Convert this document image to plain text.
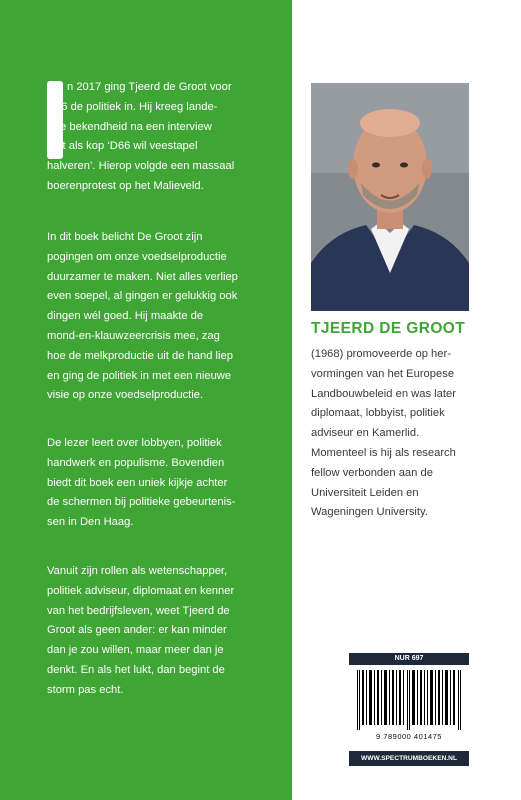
n 2017 ging Tjeerd de Groot voor
D66 de politiek in. Hij kreeg lande-
lijke bekendheid na een interview
met als kop ‘D66 wil veestapel
halveren’. Hierop volgde een massaal
boerenprotest op het Malieveld.

In dit boek belicht De Groot zijn
pogingen om onze voedselproductie
duurzamer te maken. Niet alles verliep
even soepel, al gingen er gelukkig ook
dingen wél goed. Hij maakte de
mond-en-klauwzeercrisis mee, zag
hoe de melkproductie uit de hand liep
en ging de politiek in met een nieuwe
visie op onze voedselproductie.

De lezer leert over lobbyen, politiek
handwerk en populisme. Bovendien
biedt dit boek een uniek kijkje achter
de schermen bij politieke gebeurtenis-
sen in Den Haag.

Vanuit zijn rollen als wetenschapper,
politiek adviseur, diplomaat en kenner
van het bedrijfsleven, weet Tjeerd de
Groot als geen ander: er kan minder
dan je zou willen, maar meer dan je
denkt. En als het lukt, dan begint de
storm pas echt.

TJEERD DE GROOT

(1968) promoveerde op her-
vormingen van het Europese
Landbouwbeleid en was later
diplomaat, lobbyist, politiek
adviseur en Kamerlid.
Momenteel is hij als research
fellow verbonden aan de
Universiteit Leiden en
Wageningen University.

NUR 697
9 789000 401475
WWW.SPECTRUMBOEKEN.NL
